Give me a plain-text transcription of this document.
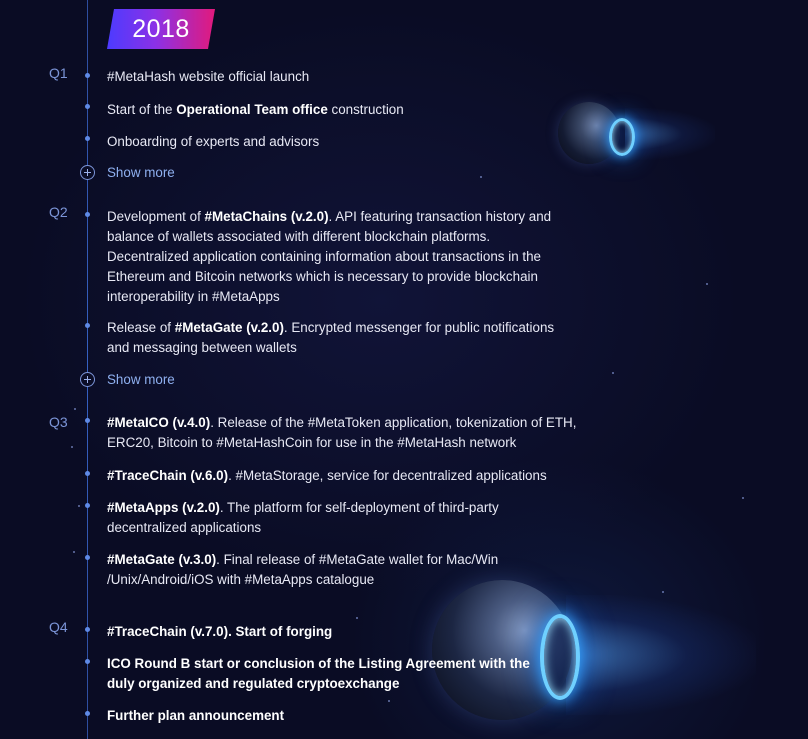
2018
Q1	#MetaHash website official launch
Start of the Operational Team office construction
Onboarding of experts and advisors
Show more
Q2	Development of #MetaChains (v.2.0). API featuring transaction history and balance of wallets associated with different blockchain platforms. Decentralized application containing information about transactions in the Ethereum and Bitcoin networks which is necessary to provide blockchain interoperability in #MetaApps
Release of #MetaGate (v.2.0). Encrypted messenger for public notifications and messaging between wallets
Show more
Q3	#MetaICO (v.4.0). Release of the #MetaToken application, tokenization of ETH, ERC20, Bitcoin to #MetaHashCoin for use in the #MetaHash network
#TraceChain (v.6.0). #MetaStorage, service for decentralized applications
#MetaApps (v.2.0). The platform for self-deployment of third-party decentralized applications
#MetaGate (v.3.0). Final release of #MetaGate wallet for Mac/Win /Unix/Android/iOS with #MetaApps catalogue
Q4	#TraceChain (v.7.0). Start of forging
ICO Round B start or conclusion of the Listing Agreement with the duly organized and regulated cryptoexchange
Further plan announcement
